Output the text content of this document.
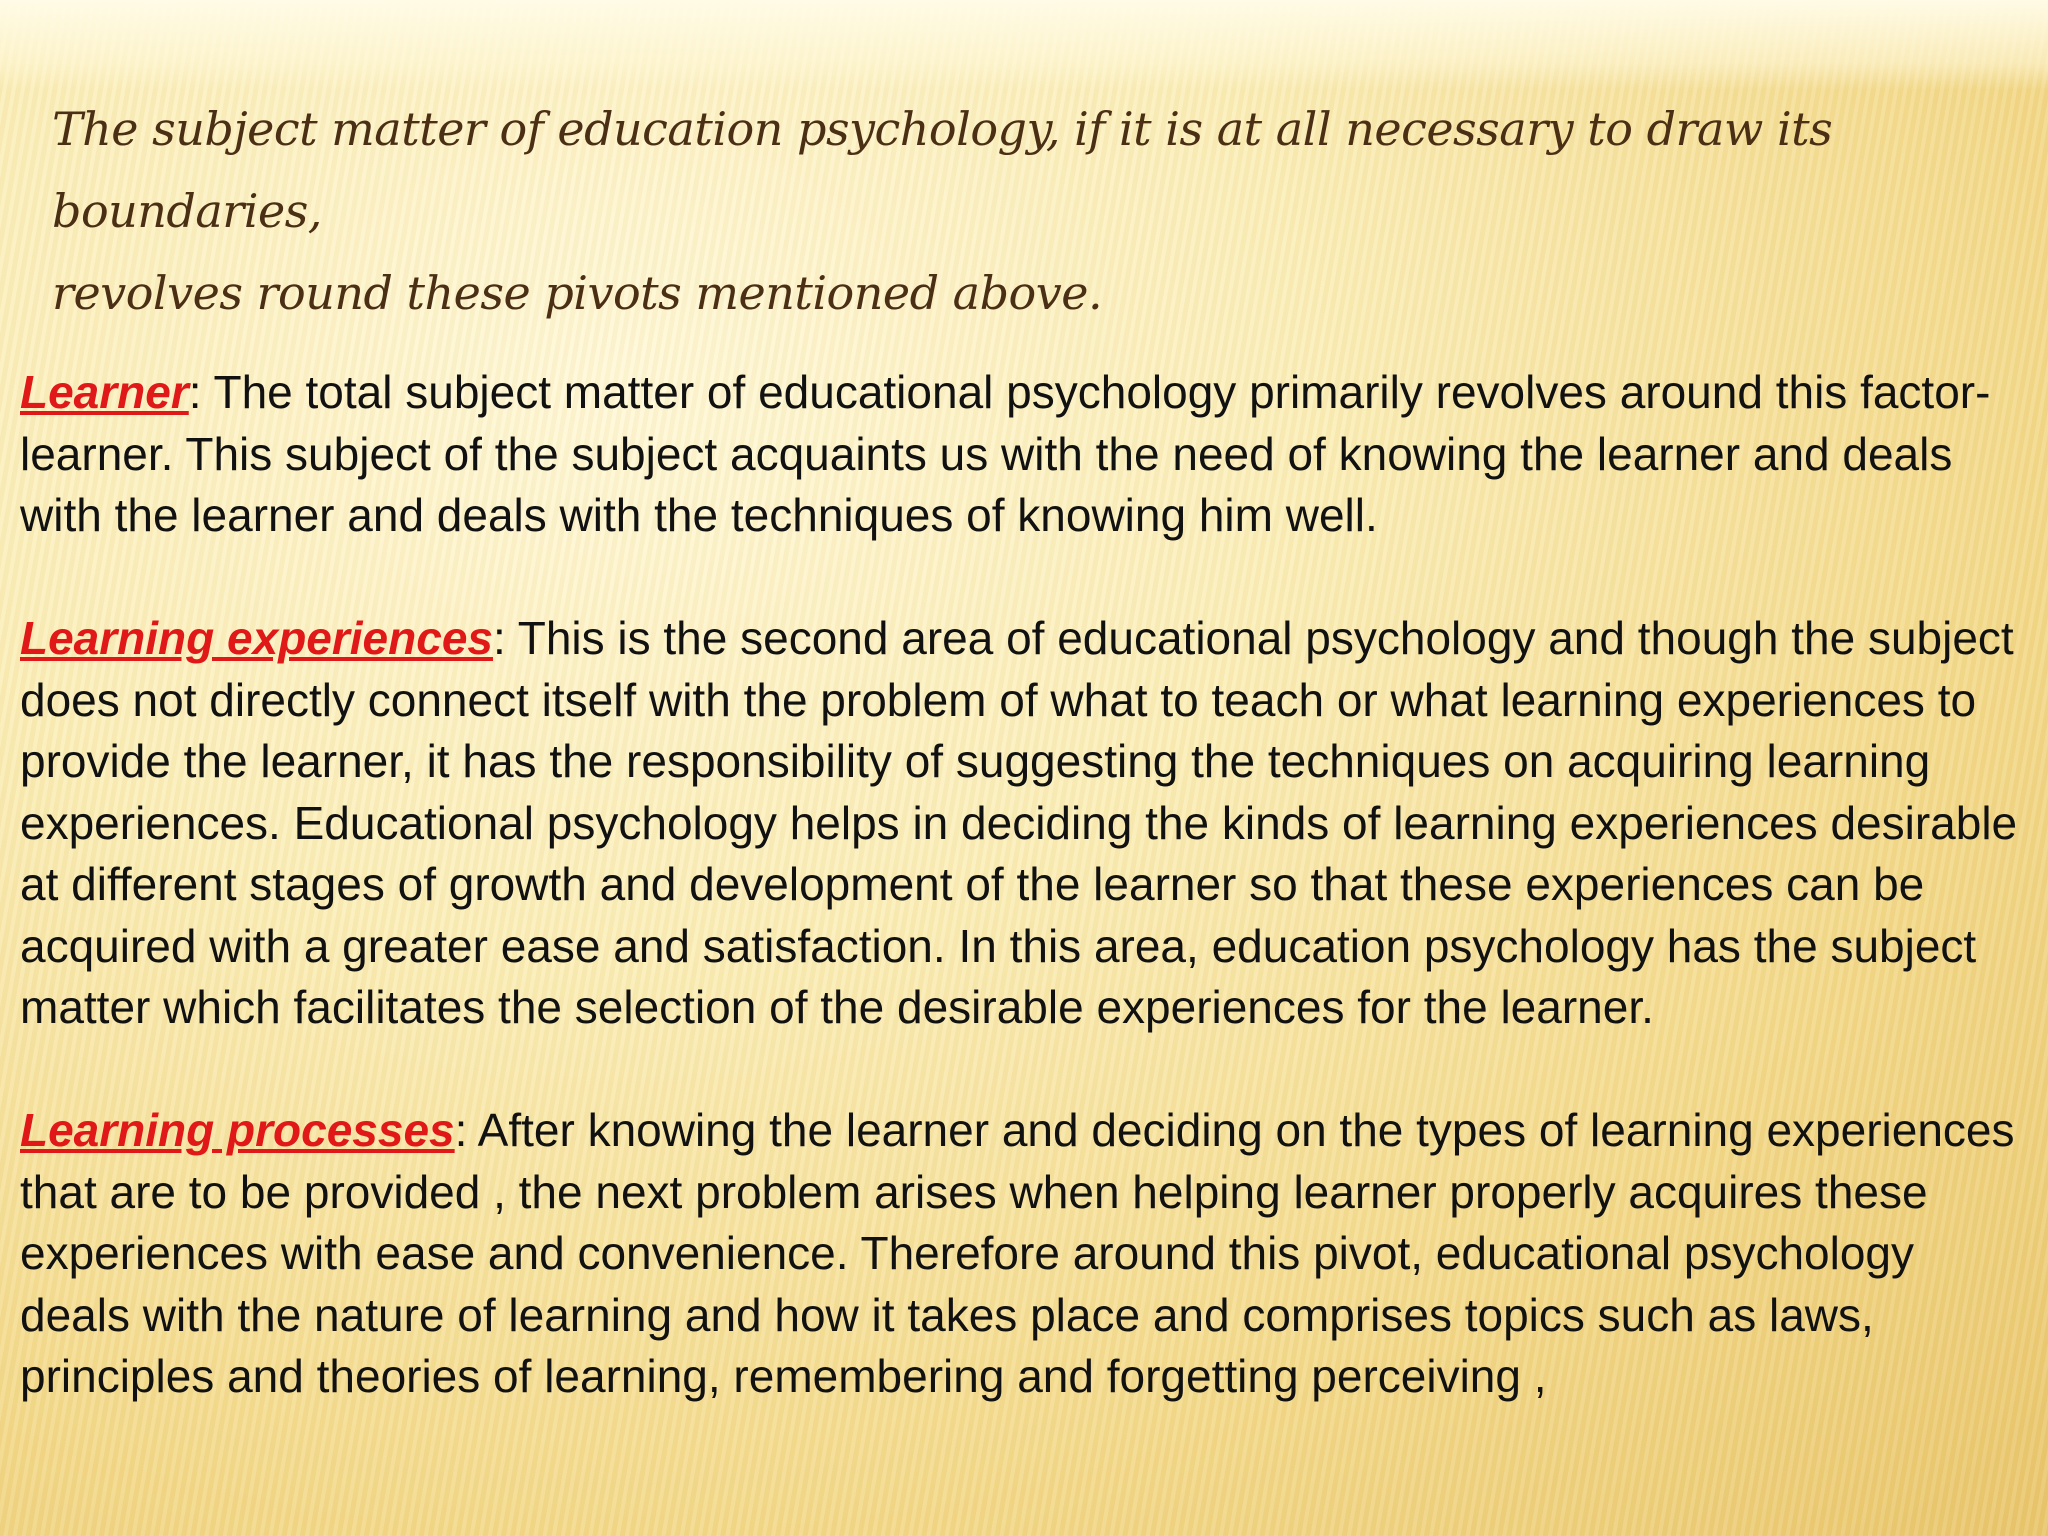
The subject matter of education psychology, if it is at all necessary to draw its boundaries,
revolves round these pivots mentioned above.

Learner: The total subject matter of educational psychology primarily revolves around this factor-learner. This subject of the subject acquaints us with the need of knowing the learner and deals with the learner and deals with the techniques of knowing him well.

Learning experiences: This is the second area of educational psychology and though the subject does not directly connect itself with the problem of what to teach or what learning experiences to provide the learner, it has the responsibility of suggesting the techniques on acquiring learning experiences. Educational psychology helps in deciding the kinds of learning experiences desirable at different stages of growth and development of the learner so that these experiences can be acquired with a greater ease and satisfaction. In this area, education psychology has the subject matter which facilitates the selection of the desirable experiences for the learner.

Learning processes: After knowing the learner and deciding on the types of learning experiences that are to be provided , the next problem arises when helping learner properly acquires these experiences with ease and convenience. Therefore around this pivot, educational psychology deals with the nature of learning and how it takes place and comprises topics such as laws, principles and theories of learning, remembering and forgetting perceiving ,
